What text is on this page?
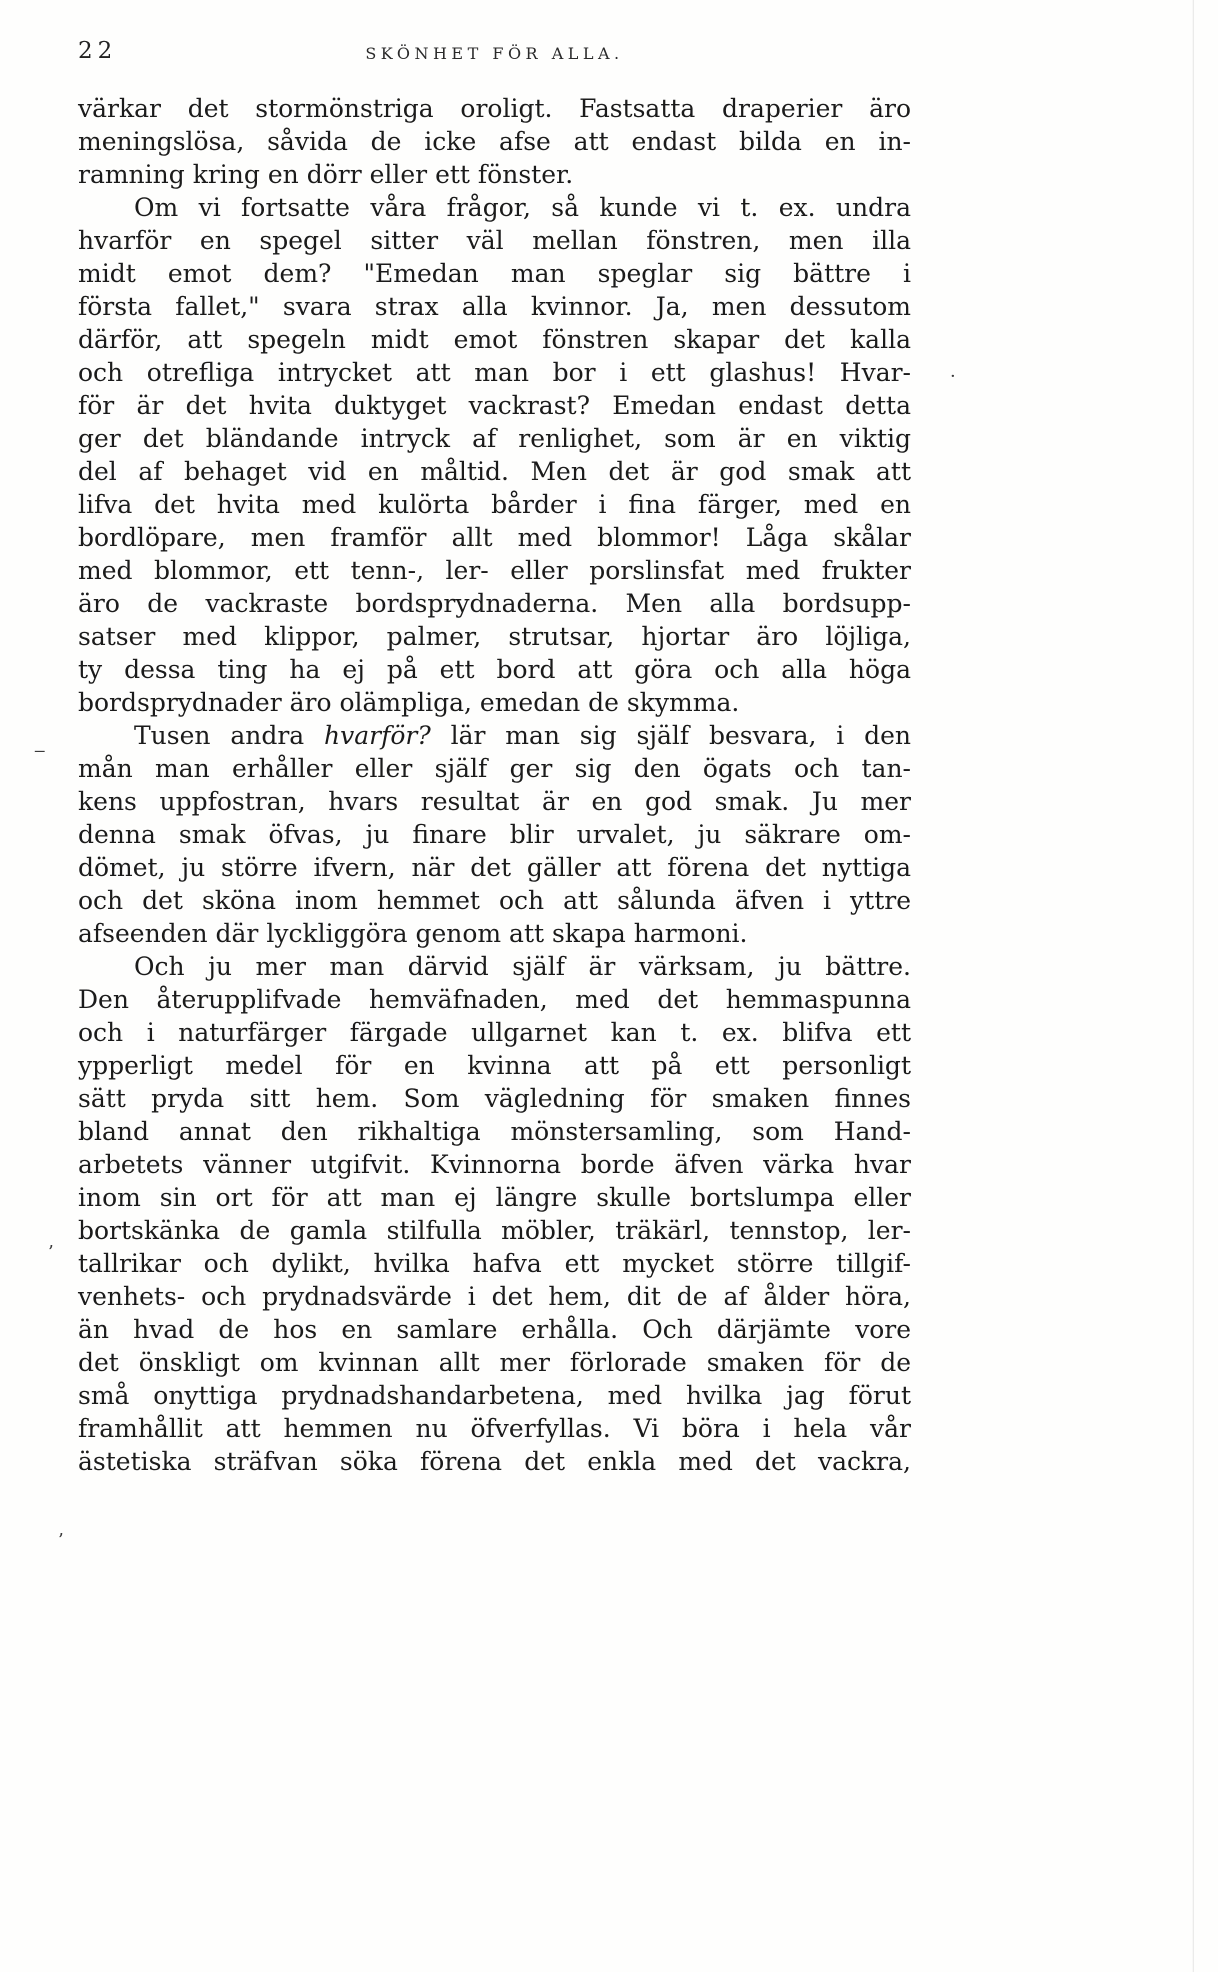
22	SKÖNHET FÖR ALLA.
värkar det stormönstriga oroligt. Fastsatta draperier äro
meningslösa, såvida de icke afse att endast bilda en in-
ramning kring en dörr eller ett fönster.
Om vi fortsatte våra frågor, så kunde vi t. ex. undra
hvarför en spegel sitter väl mellan fönstren, men illa
midt emot dem? "Emedan man speglar sig bättre i
första fallet," svara strax alla kvinnor. Ja, men dessutom
därför, att spegeln midt emot fönstren skapar det kalla
och otrefliga intrycket att man bor i ett glashus! Hvar-
för är det hvita duktyget vackrast? Emedan endast detta
ger det bländande intryck af renlighet, som är en viktig
del af behaget vid en måltid. Men det är god smak att
lifva det hvita med kulörta bårder i fina färger, med en
bordlöpare, men framför allt med blommor! Låga skålar
med blommor, ett tenn-, ler- eller porslinsfat med frukter
äro de vackraste bordsprydnaderna. Men alla bordsupp-
satser med klippor, palmer, strutsar, hjortar äro löjliga,
ty dessa ting ha ej på ett bord att göra och alla höga
bordsprydnader äro olämpliga, emedan de skymma.
Tusen andra hvarför? lär man sig själf besvara, i den
mån man erhåller eller själf ger sig den ögats och tan-
kens uppfostran, hvars resultat är en god smak. Ju mer
denna smak öfvas, ju finare blir urvalet, ju säkrare om-
dömet, ju större ifvern, när det gäller att förena det nyttiga
och det sköna inom hemmet och att sålunda äfven i yttre
afseenden där lyckliggöra genom att skapa harmoni.
Och ju mer man därvid själf är värksam, ju bättre.
Den återupplifvade hemväfnaden, med det hemmaspunna
och i naturfärger färgade ullgarnet kan t. ex. blifva ett
ypperligt medel för en kvinna att på ett personligt
sätt pryda sitt hem. Som vägledning för smaken finnes
bland annat den rikhaltiga mönstersamling, som Hand-
arbetets vänner utgifvit. Kvinnorna borde äfven värka hvar
inom sin ort för att man ej längre skulle bortslumpa eller
bortskänka de gamla stilfulla möbler, träkärl, tennstop, ler-
tallrikar och dylikt, hvilka hafva ett mycket större tillgif-
venhets- och prydnadsvärde i det hem, dit de af ålder höra,
än hvad de hos en samlare erhålla. Och därjämte vore
det önskligt om kvinnan allt mer förlorade smaken för de
små onyttiga prydnadshandarbetena, med hvilka jag förut
framhållit att hemmen nu öfverfyllas. Vi böra i hela vår
ästetiska sträfvan söka förena det enkla med det vackra,
‒
’
·
’
